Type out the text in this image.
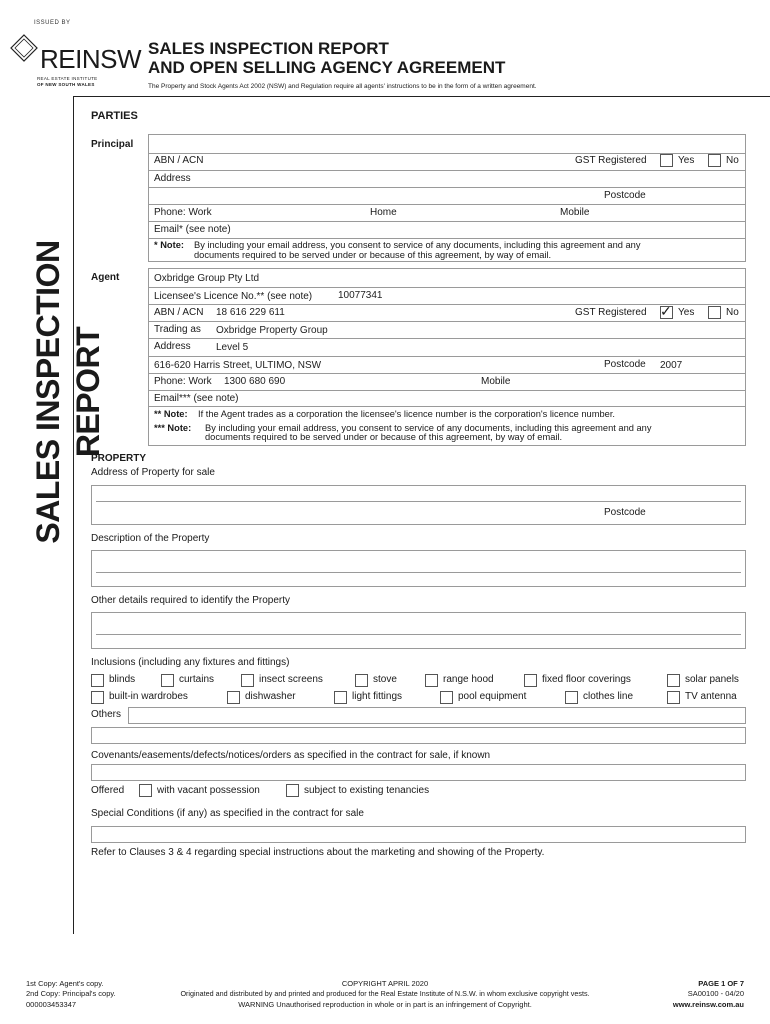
ISSUED BY
REINSW
REAL ESTATE INSTITUTE
OF NEW SOUTH WALES
SALES INSPECTION REPORT
AND OPEN SELLING AGENCY AGREEMENT
The Property and Stock Agents Act 2002 (NSW) and Regulation require all agents' instructions to be in the form of a written agreement.
SALES INSPECTION REPORT
PARTIES
Principal
ABN / ACN	GST Registered	Yes	No
Address
Postcode
Phone: Work	Home	Mobile
Email* (see note)
* Note: By including your email address, you consent to service of any documents, including this agreement and any
documents required to be served under or because of this agreement, by way of email.
Agent	Oxbridge Group Pty Ltd
Licensee's Licence No.** (see note)	10077341
ABN / ACN 18 616 229 611	GST Registered ✓ Yes	No
Trading as Oxbridge Property Group
Address	Level 5
616-620 Harris Street, ULTIMO, NSW	Postcode 2007
Phone: Work 1300 680 690	Mobile
Email*** (see note)
** Note: If the Agent trades as a corporation the licensee's licence number is the corporation's licence number.
*** Note: By including your email address, you consent to service of any documents, including this agreement and any
documents required to be served under or because of this agreement, by way of email.
PROPERTY
Address of Property for sale
Postcode
Description of the Property
Other details required to identify the Property
Inclusions (including any fixtures and fittings)
blinds	curtains	insect screens	stove	range hood	fixed floor coverings	solar panels
built-in wardrobes	dishwasher	light fittings	pool equipment	clothes line	TV antenna
Others
Covenants/easements/defects/notices/orders as specified in the contract for sale, if known
Offered	with vacant possession	subject to existing tenancies
Special Conditions (if any) as specified in the contract for sale
Refer to Clauses 3 & 4 regarding special instructions about the marketing and showing of the Property.
1st Copy: Agent's copy.
2nd Copy: Principal's copy.
000003453347
COPYRIGHT APRIL 2020
Originated and distributed by and printed and produced for the Real Estate Institute of N.S.W. in whom exclusive copyright vests.
WARNING Unauthorised reproduction in whole or in part is an infringement of Copyright.
PAGE 1 OF 7
SA00100 - 04/20
www.reinsw.com.au
